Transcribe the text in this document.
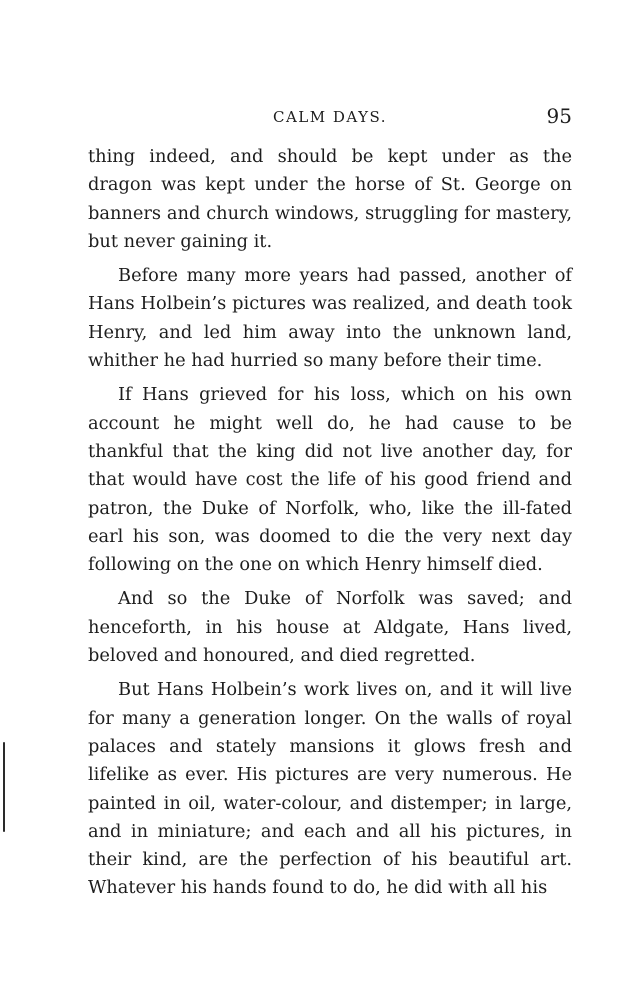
CALM DAYS.	95

thing indeed, and should be kept under as the dragon was kept under the horse of St. George on banners and church windows, struggling for mastery, but never gaining it.

Before many more years had passed, another of Hans Holbein’s pictures was realized, and death took Henry, and led him away into the unknown land, whither he had hurried so many before their time.

If Hans grieved for his loss, which on his own account he might well do, he had cause to be thankful that the king did not live another day, for that would have cost the life of his good friend and patron, the Duke of Norfolk, who, like the ill-fated earl his son, was doomed to die the very next day following on the one on which Henry himself died.

And so the Duke of Norfolk was saved; and henceforth, in his house at Aldgate, Hans lived, beloved and honoured, and died regretted.

But Hans Holbein’s work lives on, and it will live for many a generation longer. On the walls of royal palaces and stately mansions it glows fresh and lifelike as ever. His pictures are very numerous. He painted in oil, water-colour, and distemper; in large, and in miniature; and each and all his pictures, in their kind, are the perfection of his beautiful art. Whatever his hands found to do, he did with all his
